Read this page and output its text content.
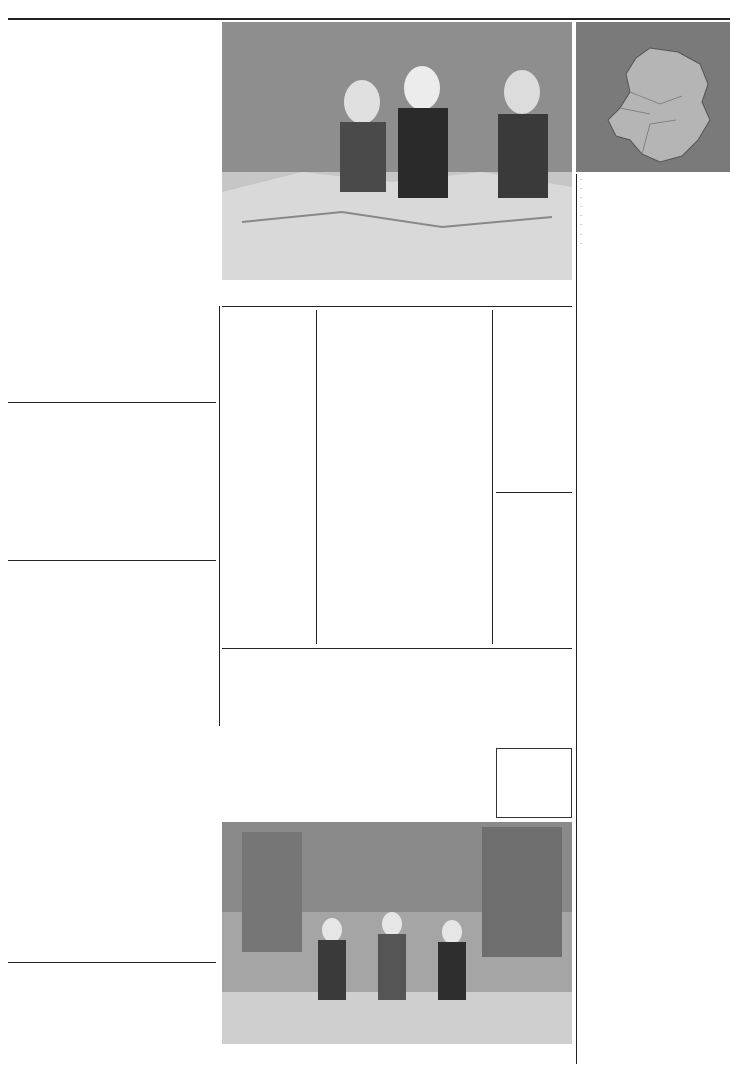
–
–
–
–
–
–
–
–
